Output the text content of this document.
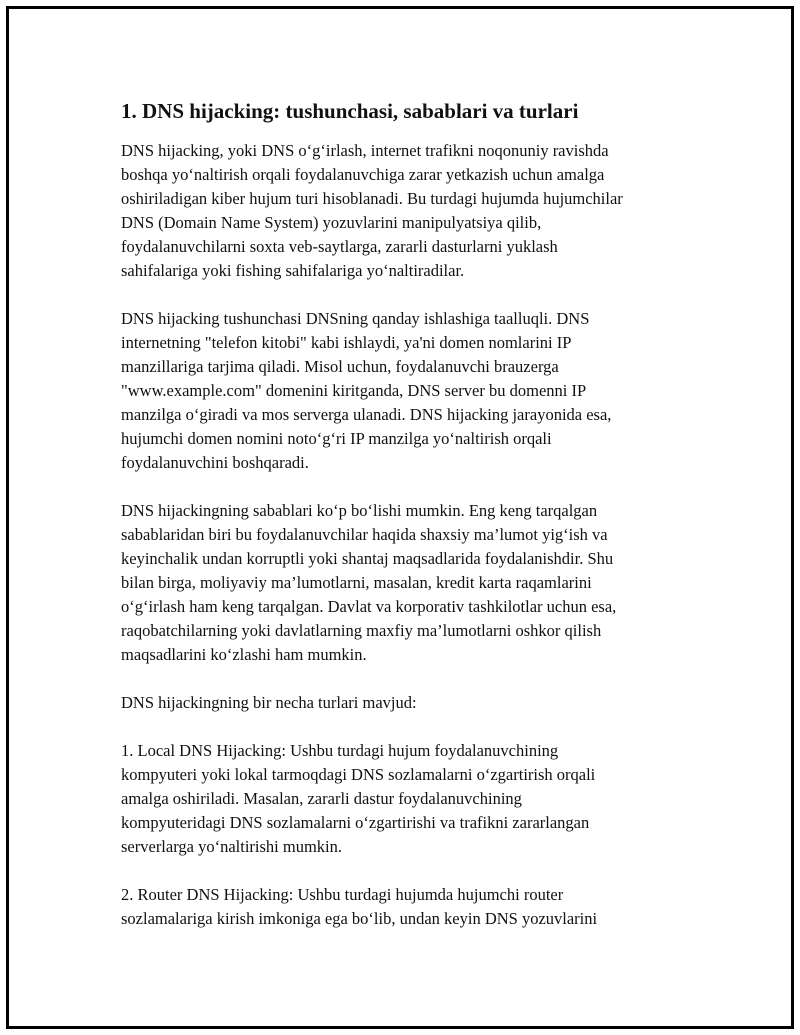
1. DNS hijacking: tushunchasi, sabablari va turlari

DNS hijacking, yoki DNS o‘g‘irlash, internet trafikni noqonuniy ravishda
boshqa yo‘naltirish orqali foydalanuvchiga zarar yetkazish uchun amalga
oshiriladigan kiber hujum turi hisoblanadi. Bu turdagi hujumda hujumchilar
DNS (Domain Name System) yozuvlarini manipulyatsiya qilib,
foydalanuvchilarni soxta veb-saytlarga, zararli dasturlarni yuklash
sahifalariga yoki fishing sahifalariga yo‘naltiradilar.

DNS hijacking tushunchasi DNSning qanday ishlashiga taalluqli. DNS
internetning "telefon kitobi" kabi ishlaydi, ya'ni domen nomlarini IP
manzillariga tarjima qiladi. Misol uchun, foydalanuvchi brauzerga
"www.example.com" domenini kiritganda, DNS server bu domenni IP
manzilga o‘giradi va mos serverga ulanadi. DNS hijacking jarayonida esa,
hujumchi domen nomini noto‘g‘ri IP manzilga yo‘naltirish orqali
foydalanuvchini boshqaradi.

DNS hijackingning sabablari ko‘p bo‘lishi mumkin. Eng keng tarqalgan
sabablaridan biri bu foydalanuvchilar haqida shaxsiy ma’lumot yig‘ish va
keyinchalik undan korruptli yoki shantaj maqsadlarida foydalanishdir. Shu
bilan birga, moliyaviy ma’lumotlarni, masalan, kredit karta raqamlarini
o‘g‘irlash ham keng tarqalgan. Davlat va korporativ tashkilotlar uchun esa,
raqobatchilarning yoki davlatlarning maxfiy ma’lumotlarni oshkor qilish
maqsadlarini ko‘zlashi ham mumkin.

DNS hijackingning bir necha turlari mavjud:

1. Local DNS Hijacking: Ushbu turdagi hujum foydalanuvchining
kompyuteri yoki lokal tarmoqdagi DNS sozlamalarni o‘zgartirish orqali
amalga oshiriladi. Masalan, zararli dastur foydalanuvchining
kompyuteridagi DNS sozlamalarni o‘zgartirishi va trafikni zararlangan
serverlarga yo‘naltirishi mumkin.

2. Router DNS Hijacking: Ushbu turdagi hujumda hujumchi router
sozlamalariga kirish imkoniga ega bo‘lib, undan keyin DNS yozuvlarini
